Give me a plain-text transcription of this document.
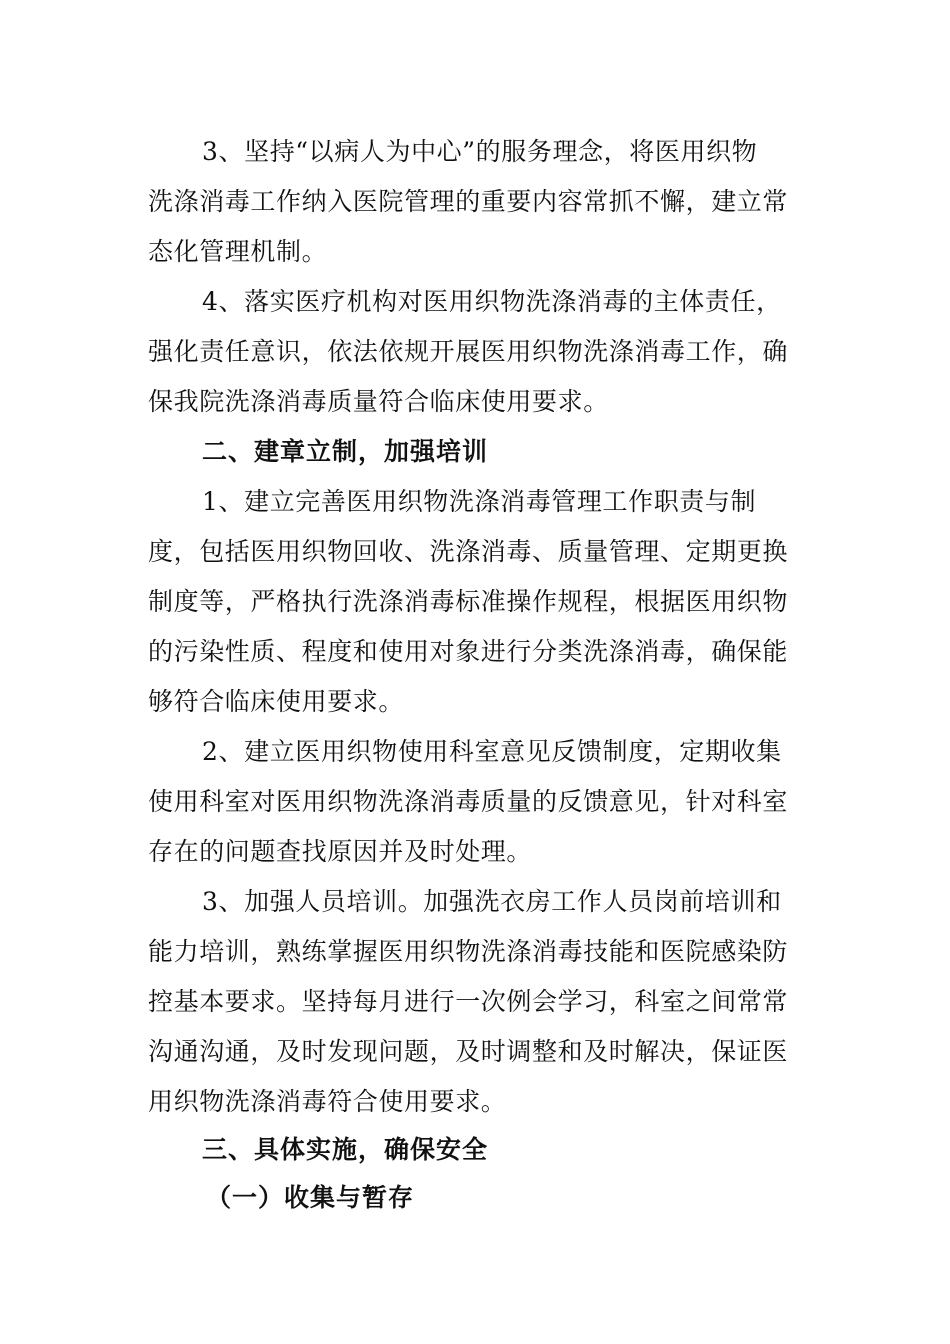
3、坚持“以病人为中心”的服务理念，将医用织物
洗涤消毒工作纳入医院管理的重要内容常抓不懈，建立常
态化管理机制。
4、落实医疗机构对医用织物洗涤消毒的主体责任，
强化责任意识，依法依规开展医用织物洗涤消毒工作，确
保我院洗涤消毒质量符合临床使用要求。
二、建章立制，加强培训
1、建立完善医用织物洗涤消毒管理工作职责与制
度，包括医用织物回收、洗涤消毒、质量管理、定期更换
制度等，严格执行洗涤消毒标准操作规程，根据医用织物
的污染性质、程度和使用对象进行分类洗涤消毒，确保能
够符合临床使用要求。
2、建立医用织物使用科室意见反馈制度，定期收集
使用科室对医用织物洗涤消毒质量的反馈意见，针对科室
存在的问题查找原因并及时处理。
3、加强人员培训。加强洗衣房工作人员岗前培训和
能力培训，熟练掌握医用织物洗涤消毒技能和医院感染防
控基本要求。坚持每月进行一次例会学习，科室之间常常
沟通沟通，及时发现问题，及时调整和及时解决，保证医
用织物洗涤消毒符合使用要求。
三、具体实施，确保安全
（一）收集与暂存
